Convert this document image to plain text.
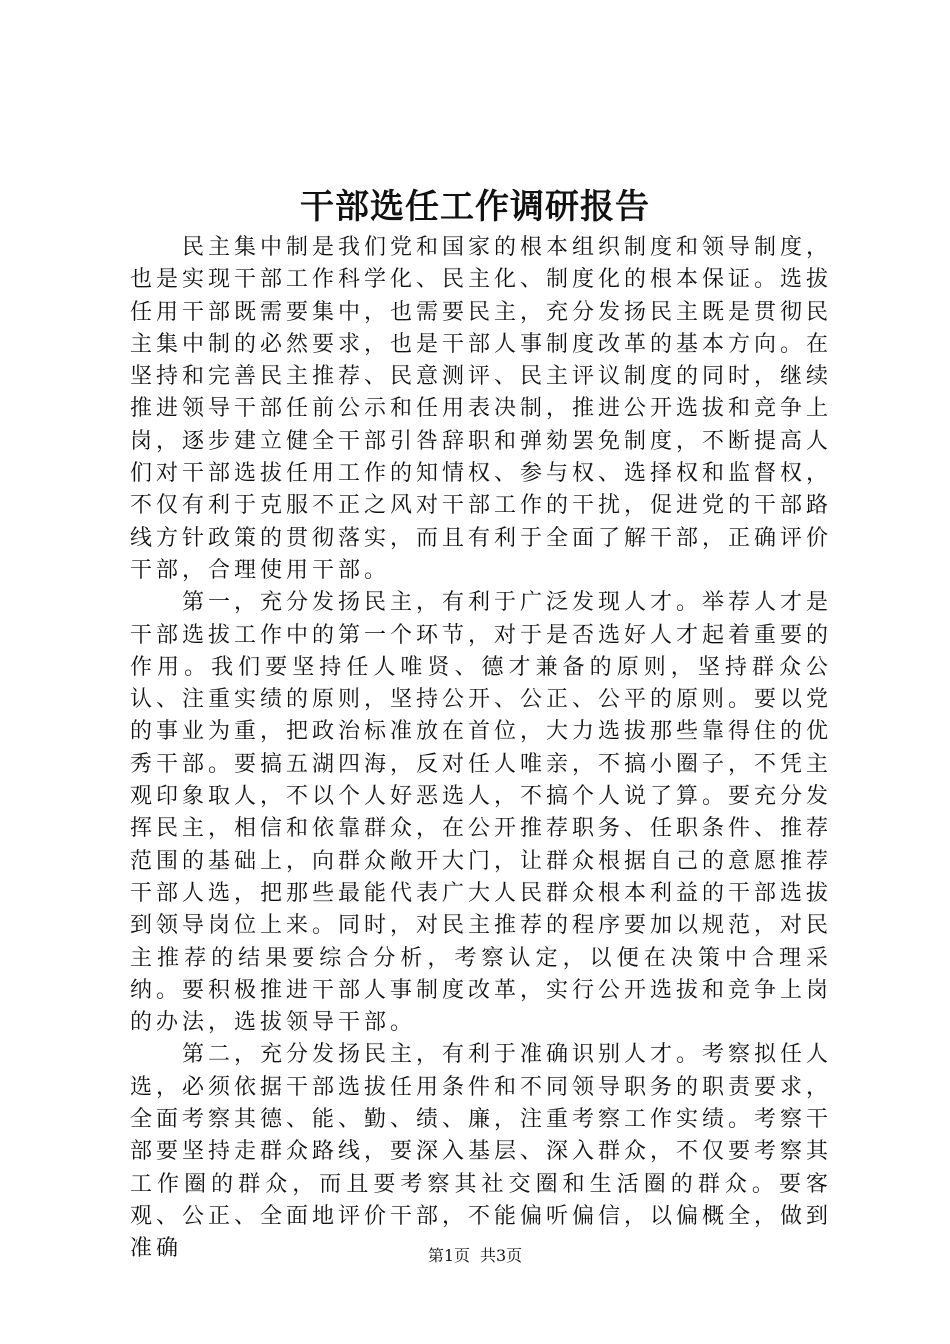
干部选任工作调研报告

民主集中制是我们党和国家的根本组织制度和领导制度，也是实现干部工作科学化、民主化、制度化的根本保证。选拔任用干部既需要集中，也需要民主，充分发扬民主既是贯彻民主集中制的必然要求，也是干部人事制度改革的基本方向。在坚持和完善民主推荐、民意测评、民主评议制度的同时，继续推进领导干部任前公示和任用表决制，推进公开选拔和竞争上岗，逐步建立健全干部引咎辞职和弹劾罢免制度，不断提高人们对干部选拔任用工作的知情权、参与权、选择权和监督权，不仅有利于克服不正之风对干部工作的干扰，促进党的干部路线方针政策的贯彻落实，而且有利于全面了解干部，正确评价干部，合理使用干部。

第一，充分发扬民主，有利于广泛发现人才。举荐人才是干部选拔工作中的第一个环节，对于是否选好人才起着重要的作用。我们要坚持任人唯贤、德才兼备的原则，坚持群众公认、注重实绩的原则，坚持公开、公正、公平的原则。要以党的事业为重，把政治标准放在首位，大力选拔那些靠得住的优秀干部。要搞五湖四海，反对任人唯亲，不搞小圈子，不凭主观印象取人，不以个人好恶选人，不搞个人说了算。要充分发挥民主，相信和依靠群众，在公开推荐职务、任职条件、推荐范围的基础上，向群众敞开大门，让群众根据自己的意愿推荐干部人选，把那些最能代表广大人民群众根本利益的干部选拔到领导岗位上来。同时，对民主推荐的程序要加以规范，对民主推荐的结果要综合分析，考察认定，以便在决策中合理采纳。要积极推进干部人事制度改革，实行公开选拔和竞争上岗的办法，选拔领导干部。

第二，充分发扬民主，有利于准确识别人才。考察拟任人选，必须依据干部选拔任用条件和不同领导职务的职责要求，全面考察其德、能、勤、绩、廉，注重考察工作实绩。考察干部要坚持走群众路线，要深入基层、深入群众，不仅要考察其工作圈的群众，而且要考察其社交圈和生活圈的群众。要客观、公正、全面地评价干部，不能偏听偏信，以偏概全，做到准确	第1页 共3页
